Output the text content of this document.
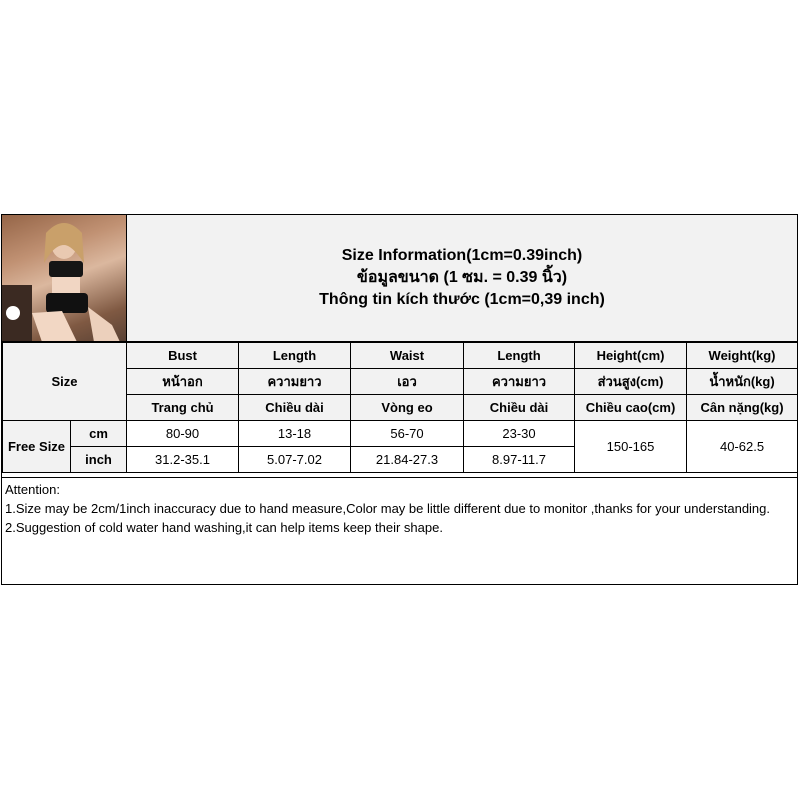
Size Information(1cm=0.39inch)
ข้อมูลขนาด (1 ซม. = 0.39 นิ้ว)
Thông tin kích thước (1cm=0,39 inch)
Size		Bust	Length	Waist	Length	Height(cm)	Weight(kg)
		หน้าอก	ความยาว	เอว	ความยาว	ส่วนสูง(cm)	น้ำหนัก(kg)
		Trang chủ	Chiều dài	Vòng eo	Chiều dài	Chiều cao(cm)	Cân nặng(kg)
Free Size	cm	80-90	13-18	56-70	23-30	150-165	40-62.5
	inch	31.2-35.1	5.07-7.02	21.84-27.3	8.97-11.7		
Attention:
1.Size may be 2cm/1inch inaccuracy due to hand measure,Color may be little different due to monitor ,thanks for your understanding.
2.Suggestion of cold water hand washing,it can help items keep their shape.
